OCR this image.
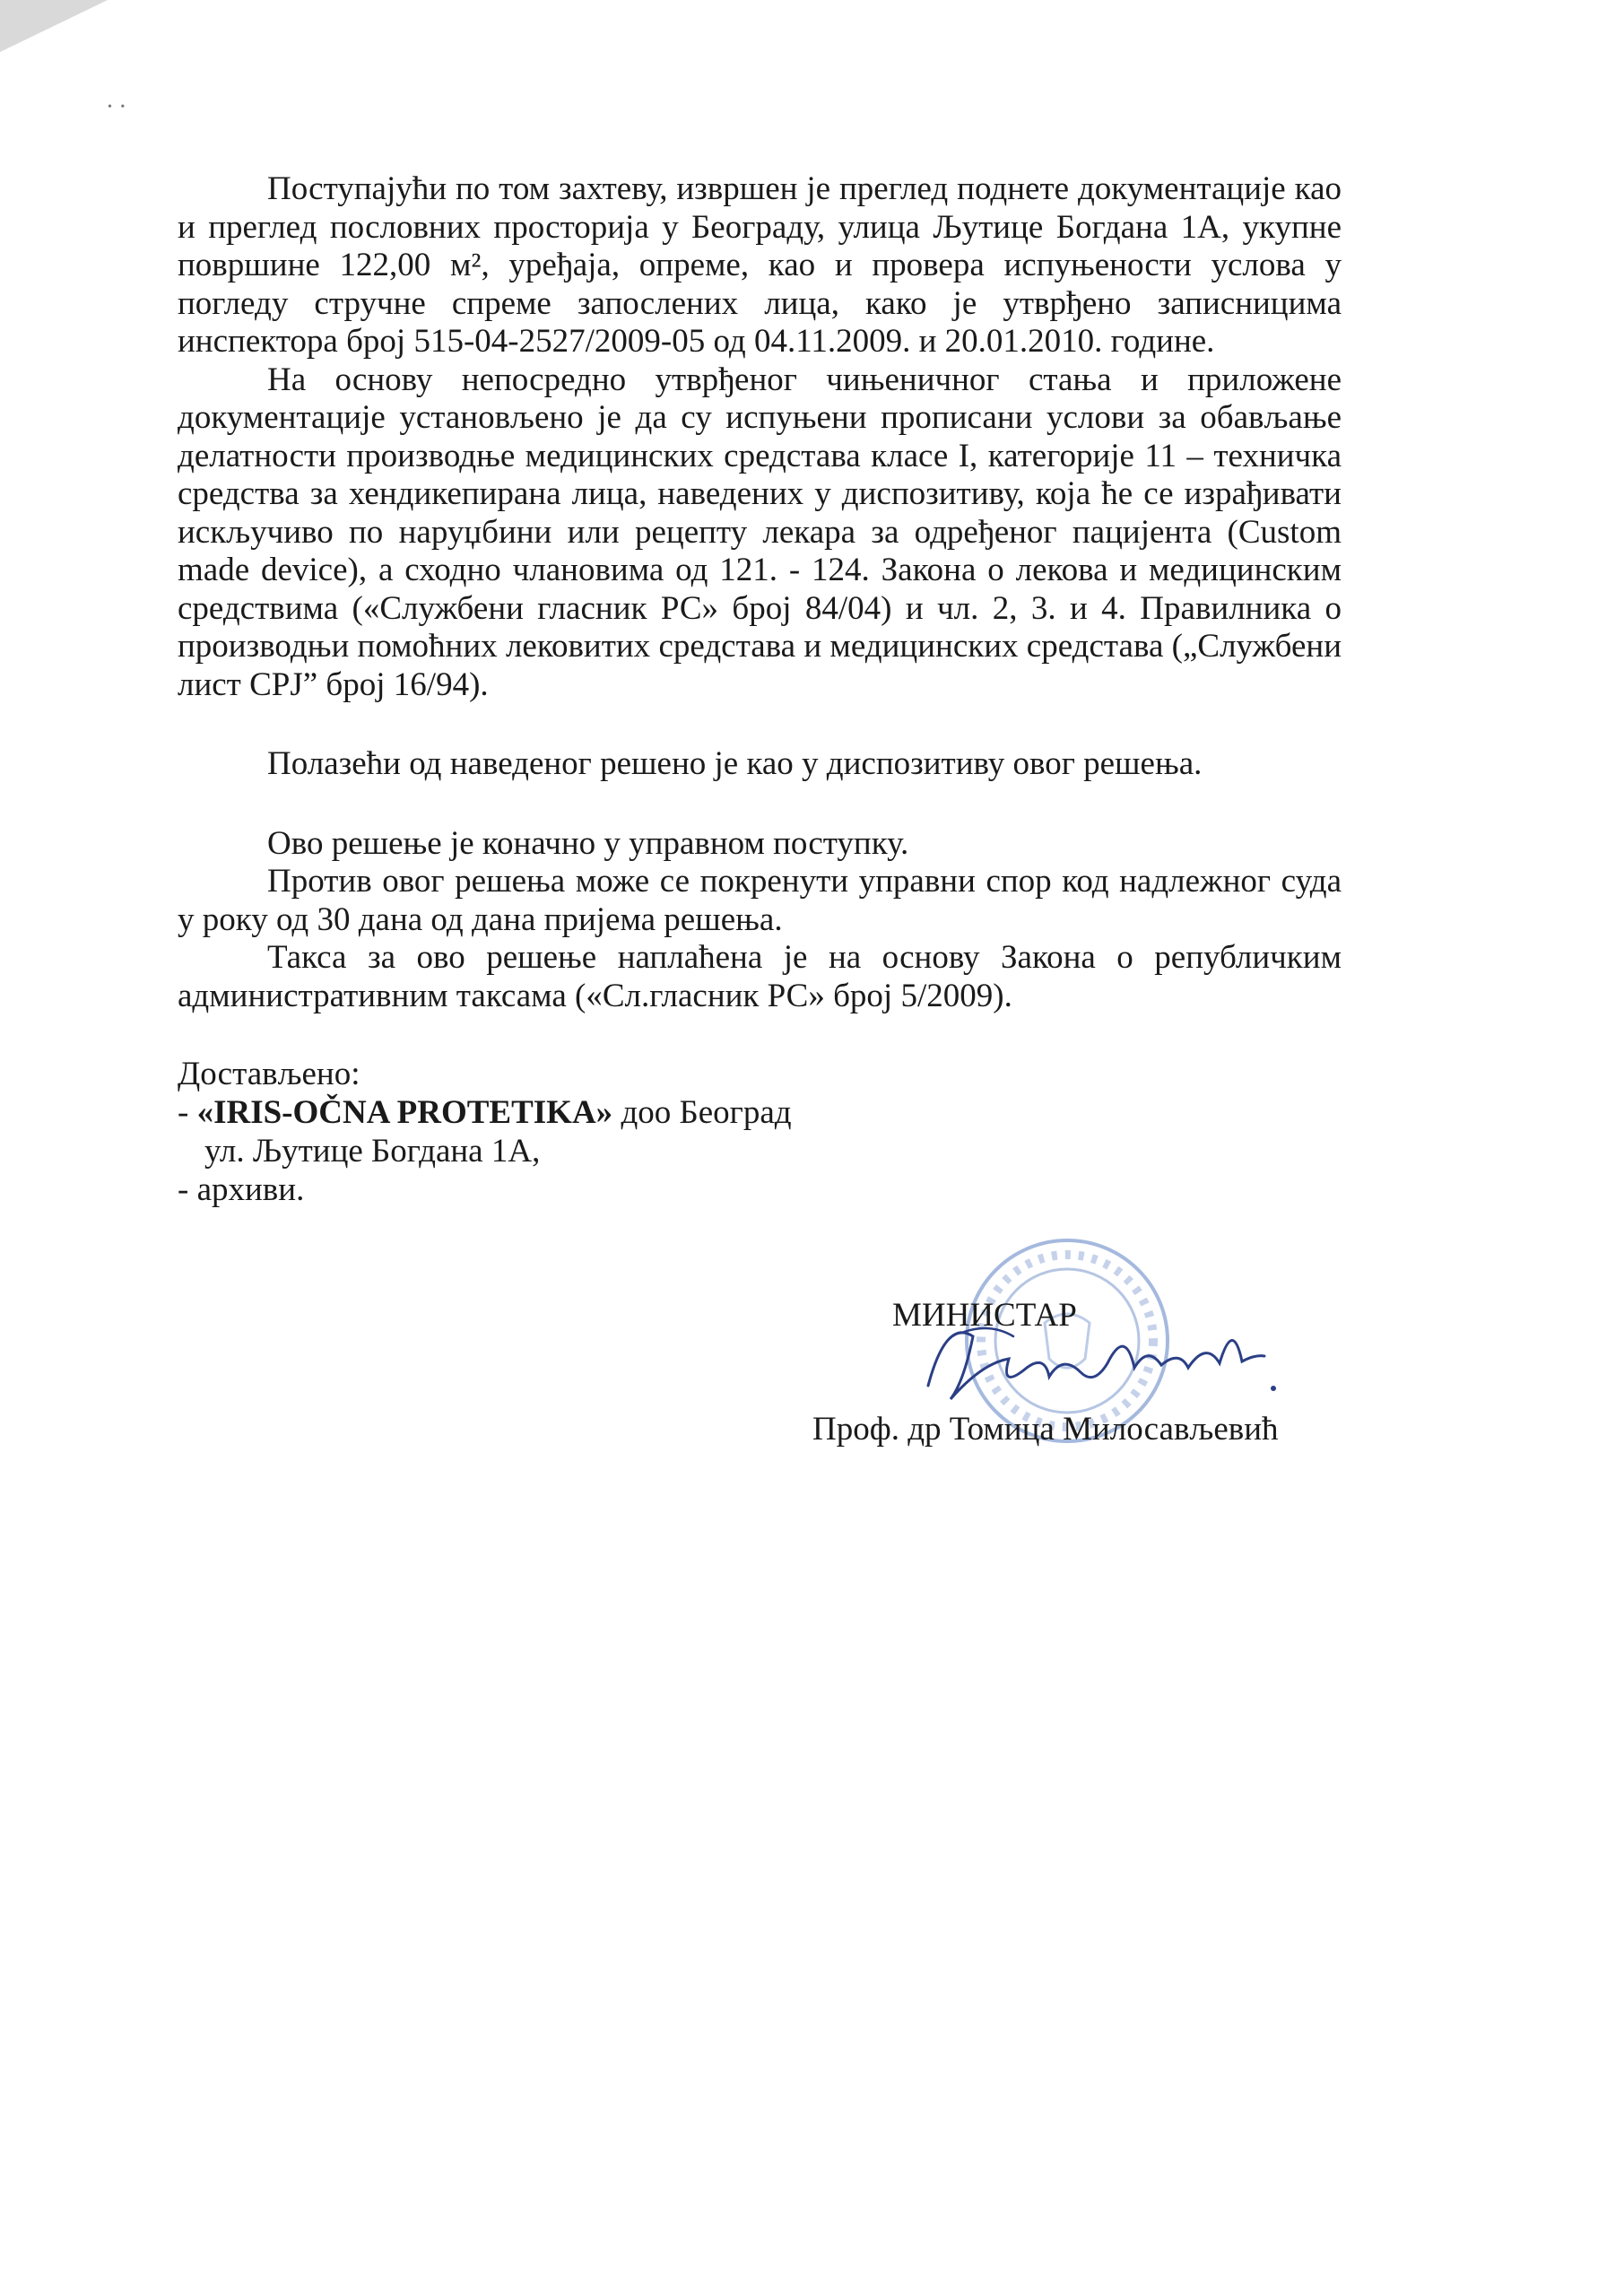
• •

Поступајући по том захтеву, извршен је преглед поднете документације као и преглед пословних просторија у Београду, улица Љутице Богдана 1А, укупне површине 122,00 м², уређаја, опреме, као и провера испуњености услова у погледу стручне спреме запослених лица, како је утврђено записницима инспектора број 515-04-2527/2009-05 од 04.11.2009. и 20.01.2010. године.

На основу непосредно утврђеног чињеничног стања и приложене документације установљено је да су испуњени прописани услови за обављање делатности производње медицинских средстава класе I, категорије 11 – техничка средства за хендикепирана лица, наведених у диспозитиву, која ће се израђивати искључиво по наруџбини или рецепту лекара за одређеног пацијента (Custom made device), а сходно члановима од 121. - 124. Закона о лекова и медицинским средствима («Службени гласник РС» број 84/04) и чл. 2, 3. и 4. Правилника о производњи помоћних лековитих средстава и медицинских средстава („Службени лист СРЈ” број 16/94).

Полазећи од наведеног решено је као у диспозитиву овог решења.

Ово решење је коначно у управном поступку.

Против овог решења може се покренути управни спор код надлежног суда у року од 30 дана од дана пријема решења.

Такса за ово решење наплаћена је на основу Закона о републичким административним таксама («Сл.гласник РС» број 5/2009).

Достављено:
- «IRIS-OČNA PROTETIKA» доо Београд
ул. Љутице Богдана 1А,
- архиви.
МИНИСТАР
Проф. др Томица Милосављевић
